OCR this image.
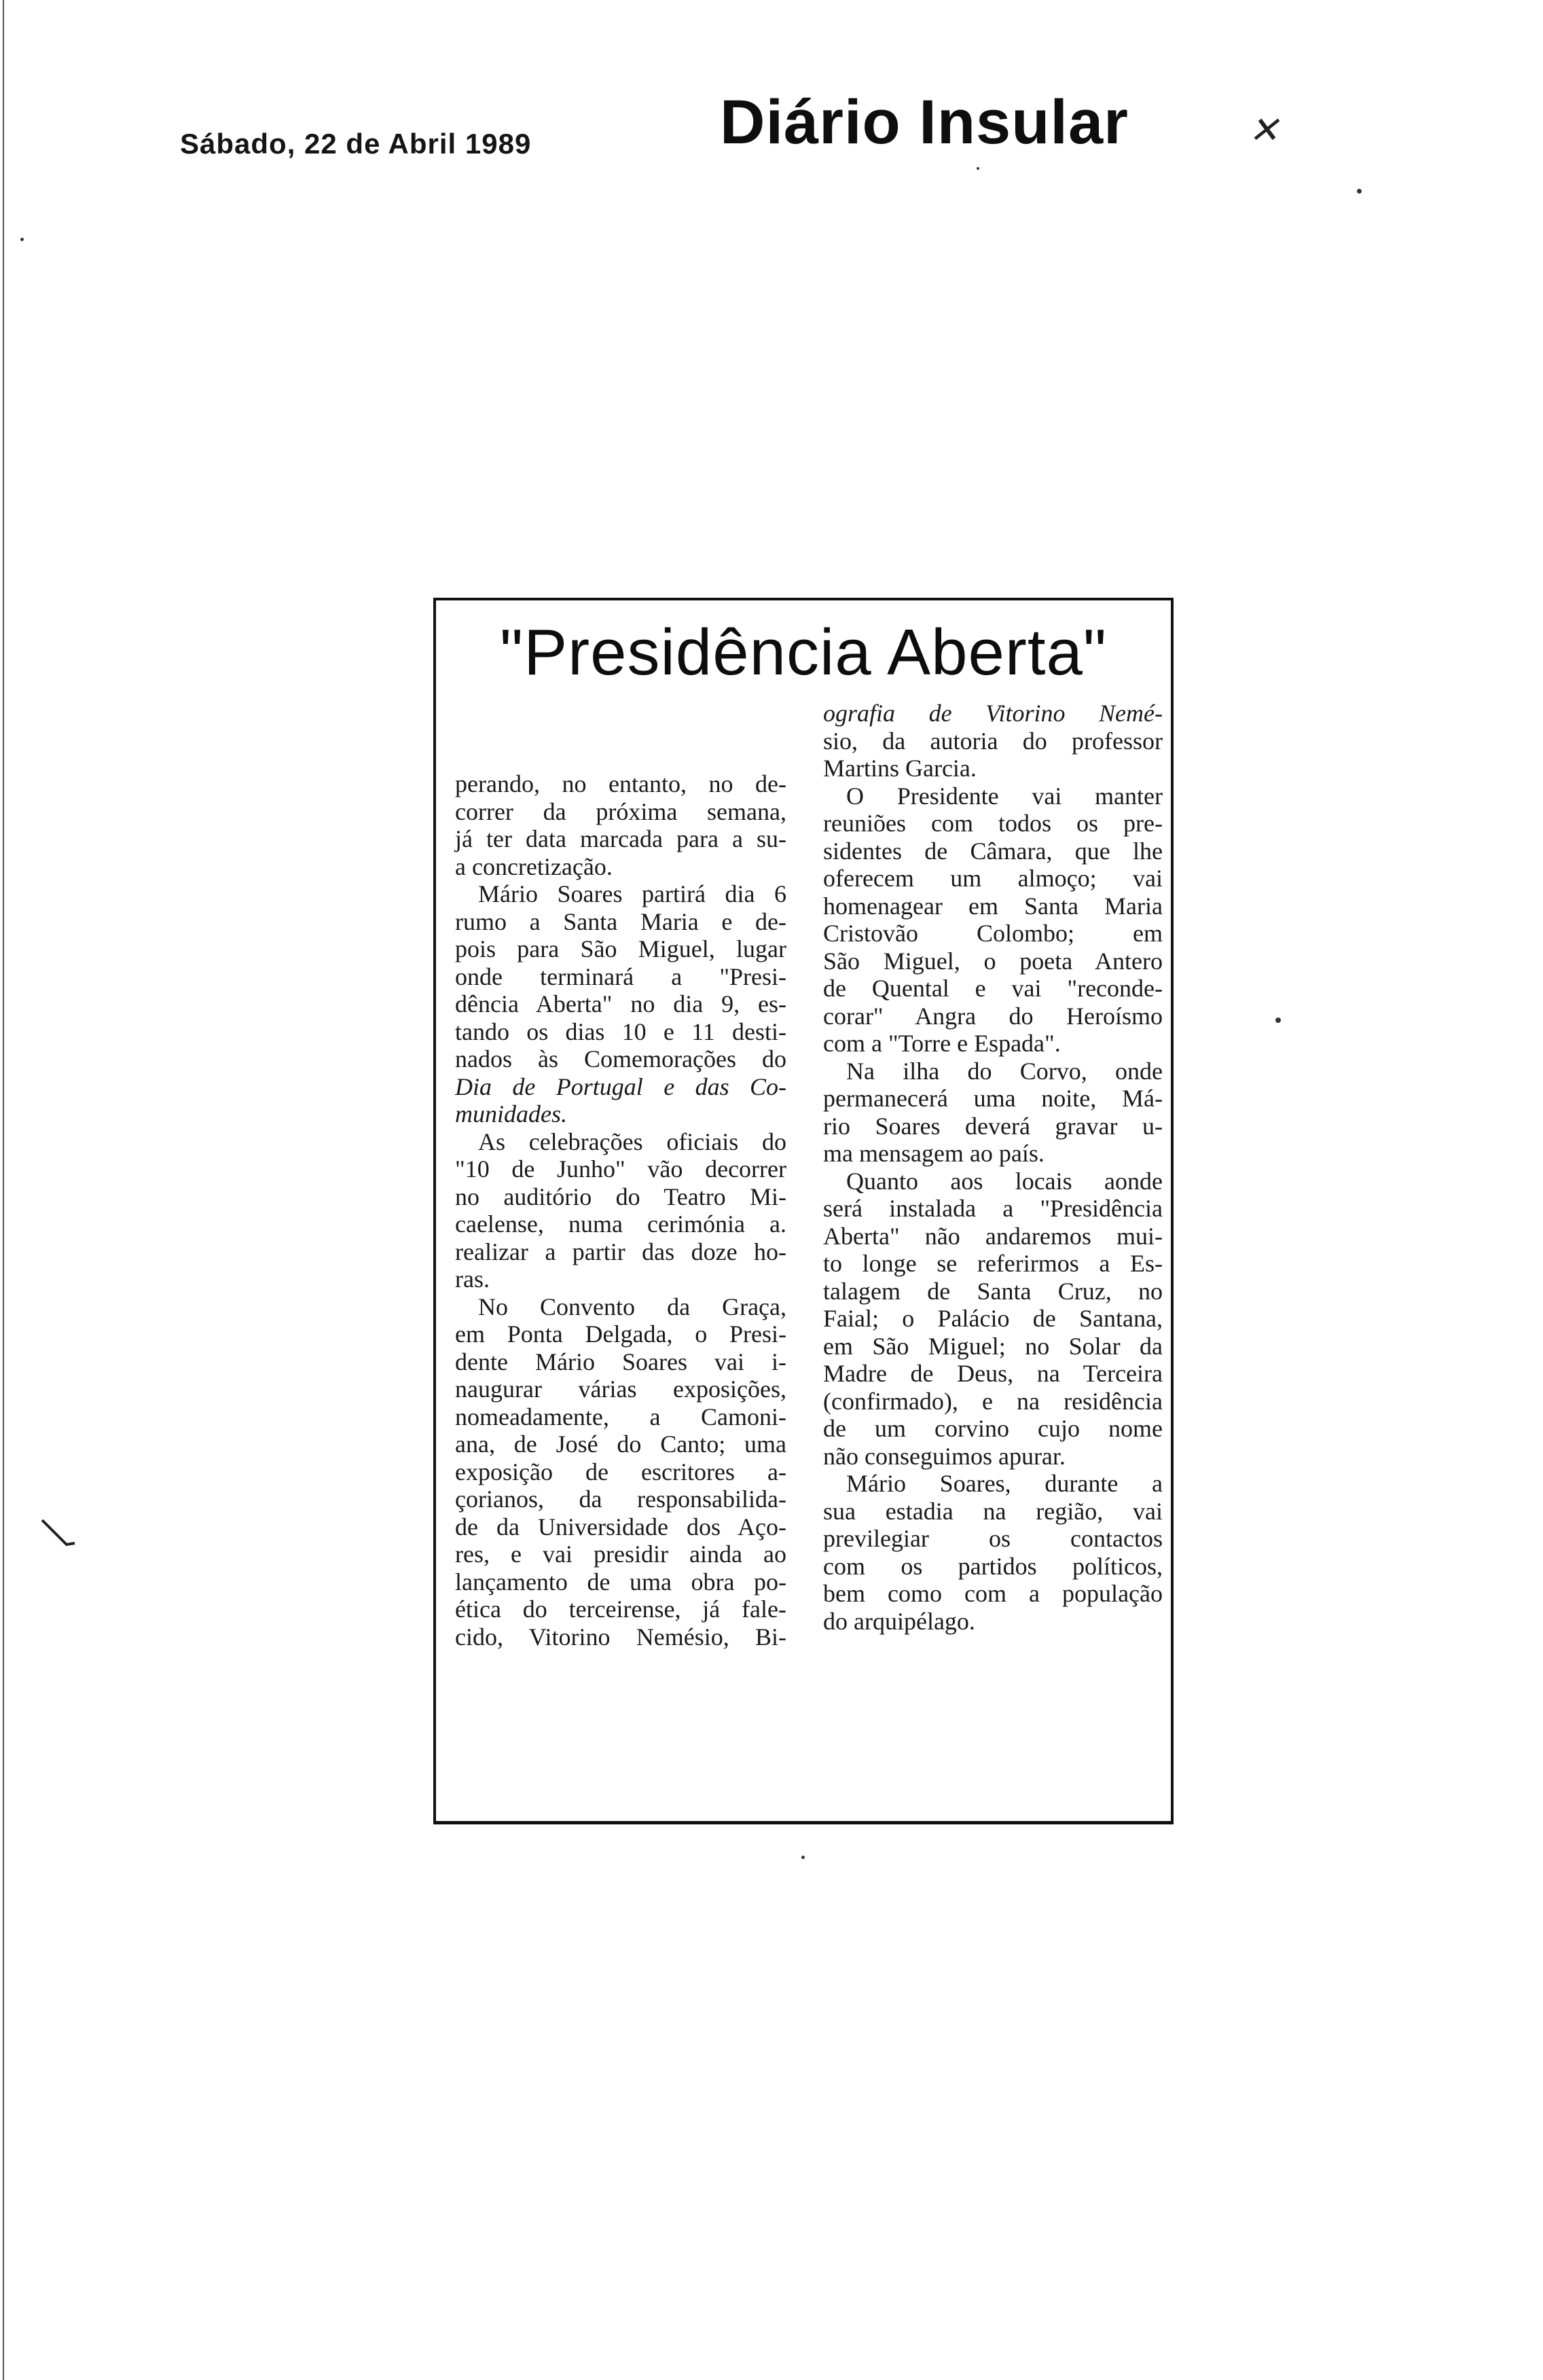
Sábado, 22 de Abril 1989	Diário Insular	✕
"Presidência Aberta"
perando, no entanto, no de-
correr da próxima semana,
já ter data marcada para a su-
a concretização.
Mário Soares partirá dia 6
rumo a Santa Maria e de-
pois para São Miguel, lugar
onde terminará a "Presi-
dência Aberta" no dia 9, es-
tando os dias 10 e 11 desti-
nados às Comemorações do
Dia de Portugal e das Co-
munidades.
As celebrações oficiais do
"10 de Junho" vão decorrer
no auditório do Teatro Mi-
caelense, numa cerimónia a.
realizar a partir das doze ho-
ras.
No Convento da Graça,
em Ponta Delgada, o Presi-
dente Mário Soares vai i-
naugurar várias exposições,
nomeadamente, a Camoni-
ana, de José do Canto; uma
exposição de escritores a-
çorianos, da responsabilida-
de da Universidade dos Aço-
res, e vai presidir ainda ao
lançamento de uma obra po-
ética do terceirense, já fale-
cido, Vitorino Nemésio, Bi-
ografia de Vitorino Nemé-
sio, da autoria do professor
Martins Garcia.
O Presidente vai manter
reuniões com todos os pre-
sidentes de Câmara, que lhe
oferecem um almoço; vai
homenagear em Santa Maria
Cristovão Colombo; em
São Miguel, o poeta Antero
de Quental e vai "reconde-
corar" Angra do Heroísmo
com a "Torre e Espada".
Na ilha do Corvo, onde
permanecerá uma noite, Má-
rio Soares deverá gravar u-
ma mensagem ao país.
Quanto aos locais aonde
será instalada a "Presidência
Aberta" não andaremos mui-
to longe se referirmos a Es-
talagem de Santa Cruz, no
Faial; o Palácio de Santana,
em São Miguel; no Solar da
Madre de Deus, na Terceira
(confirmado), e na residência
de um corvino cujo nome
não conseguimos apurar.
Mário Soares, durante a
sua estadia na região, vai
previlegiar os contactos
com os partidos políticos,
bem como com a população
do arquipélago.
